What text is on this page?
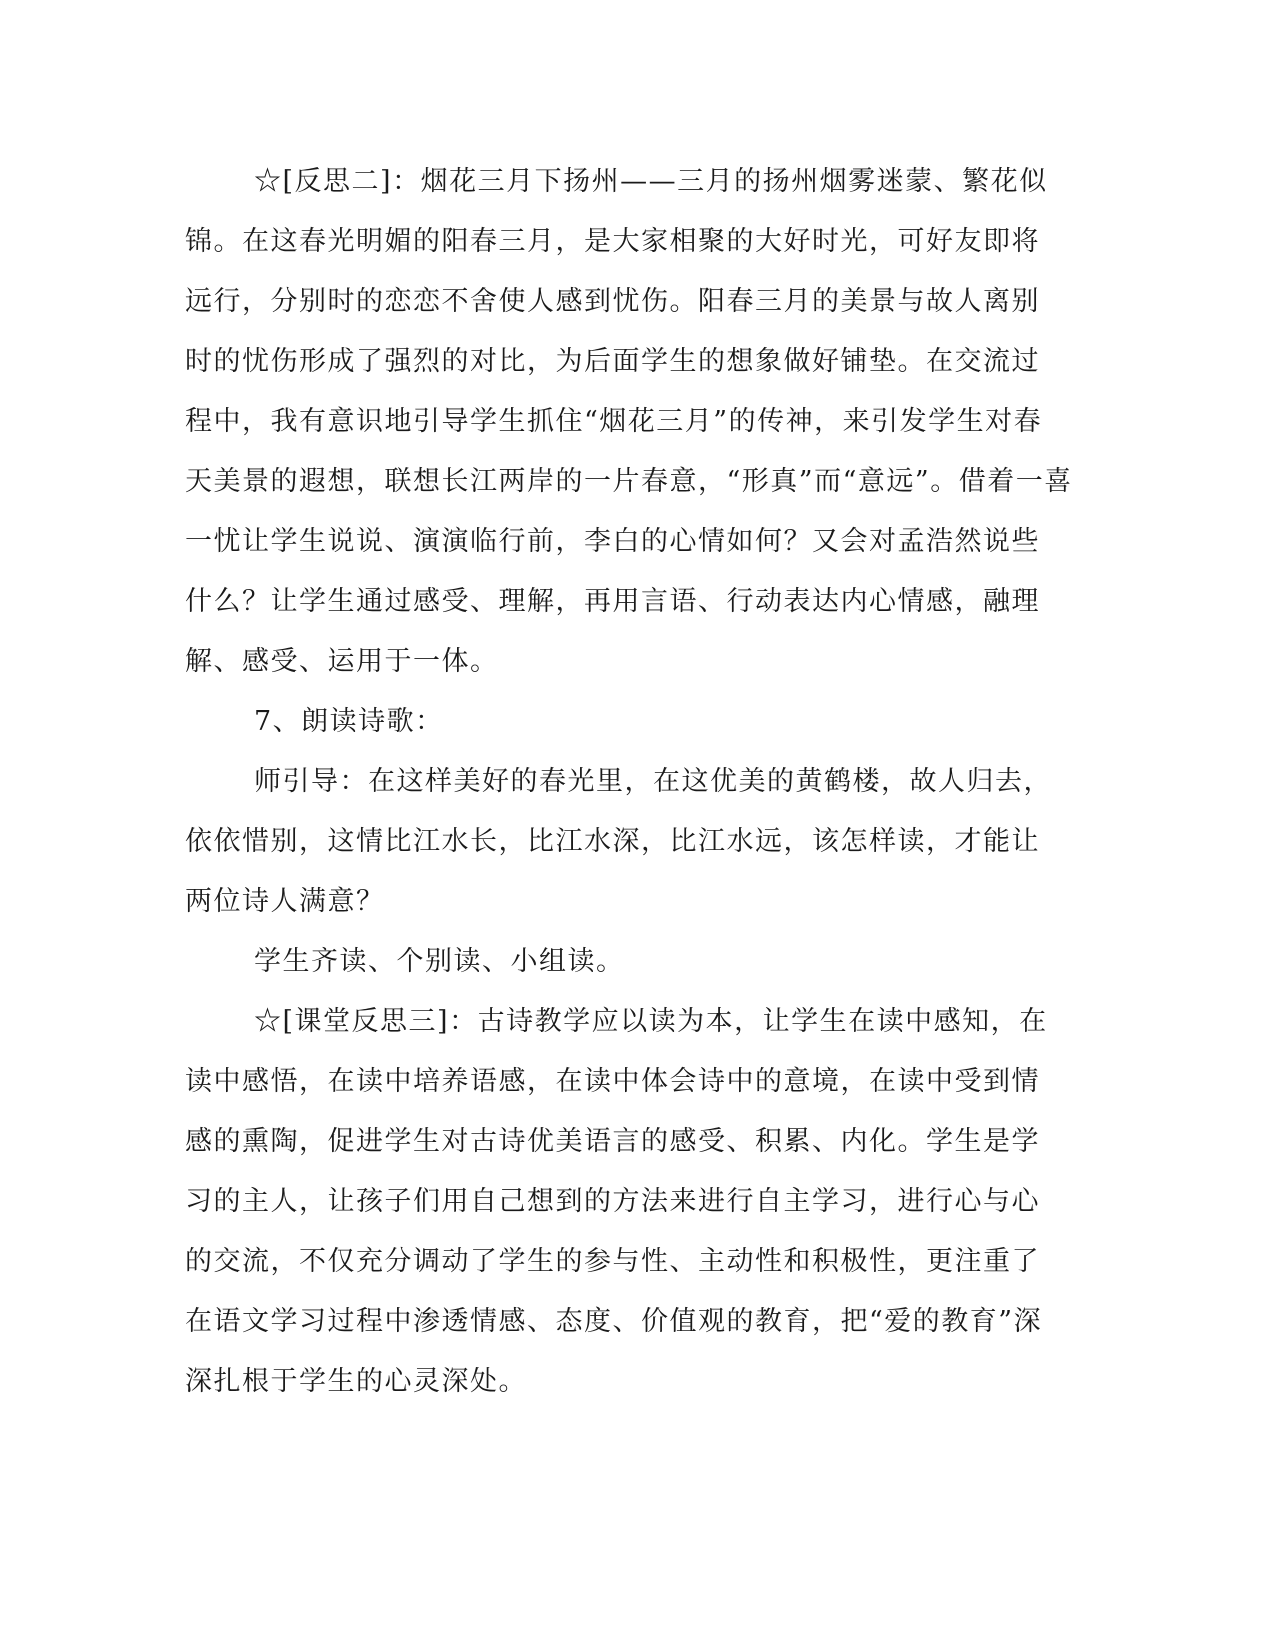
☆[反思二]：烟花三月下扬州——三月的扬州烟雾迷蒙、繁花似
锦。在这春光明媚的阳春三月，是大家相聚的大好时光，可好友即将
远行，分别时的恋恋不舍使人感到忧伤。阳春三月的美景与故人离别
时的忧伤形成了强烈的对比，为后面学生的想象做好铺垫。在交流过
程中，我有意识地引导学生抓住“烟花三月”的传神，来引发学生对春
天美景的遐想，联想长江两岸的一片春意，“形真”而“意远”。借着一喜
一忧让学生说说、演演临行前，李白的心情如何？又会对孟浩然说些
什么？让学生通过感受、理解，再用言语、行动表达内心情感，融理
解、感受、运用于一体。
7、朗读诗歌：
师引导：在这样美好的春光里，在这优美的黄鹤楼，故人归去，
依依惜别，这情比江水长，比江水深，比江水远，该怎样读，才能让
两位诗人满意？
学生齐读、个别读、小组读。
☆[课堂反思三]：古诗教学应以读为本，让学生在读中感知，在
读中感悟，在读中培养语感，在读中体会诗中的意境，在读中受到情
感的熏陶，促进学生对古诗优美语言的感受、积累、内化。学生是学
习的主人，让孩子们用自己想到的方法来进行自主学习，进行心与心
的交流，不仅充分调动了学生的参与性、主动性和积极性，更注重了
在语文学习过程中渗透情感、态度、价值观的教育，把“爱的教育”深
深扎根于学生的心灵深处。
